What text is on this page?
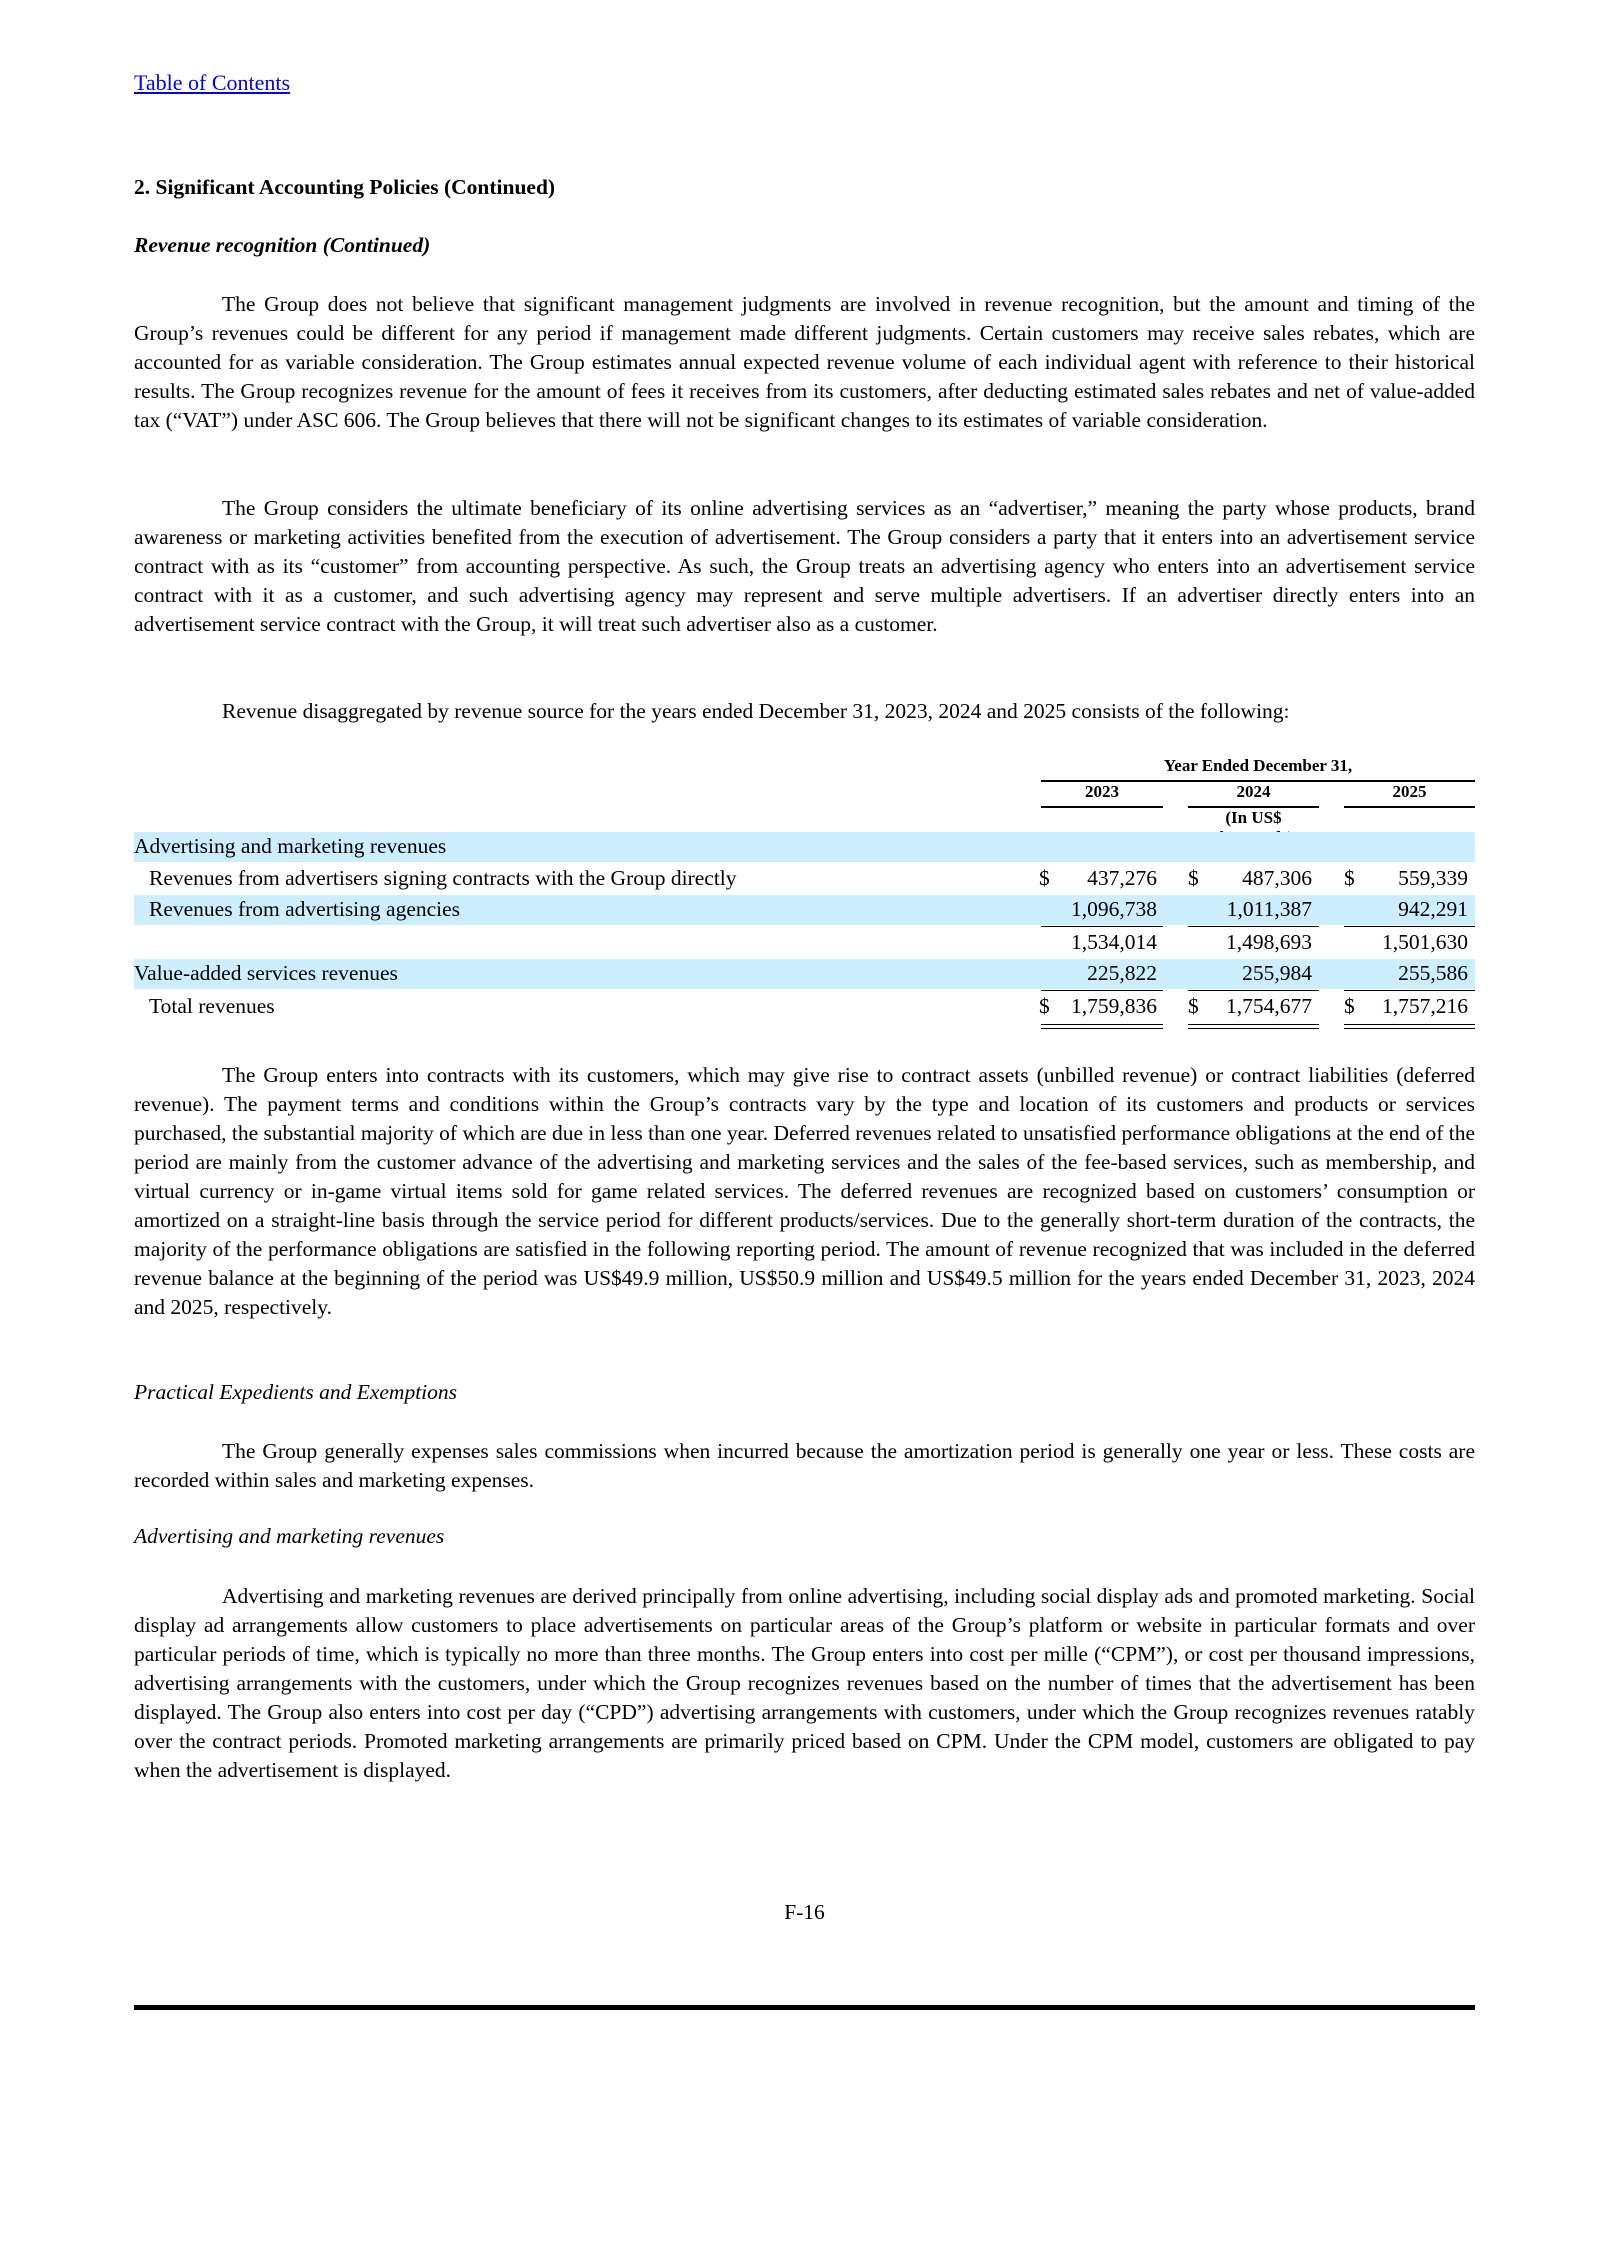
Table of Contents
2. Significant Accounting Policies (Continued)
Revenue recognition (Continued)

The Group does not believe that significant management judgments are involved in revenue recognition, but the amount and timing of the Group’s revenues could be different for any period if management made different judgments. Certain customers may receive sales rebates, which are accounted for as variable consideration. The Group estimates annual expected revenue volume of each individual agent with reference to their historical results. The Group recognizes revenue for the amount of fees it receives from its customers, after deducting estimated sales rebates and net of value-added tax (“VAT”) under ASC 606. The Group believes that there will not be significant changes to its estimates of variable consideration.

The Group considers the ultimate beneficiary of its online advertising services as an “advertiser,” meaning the party whose products, brand awareness or marketing activities benefited from the execution of advertisement. The Group considers a party that it enters into an advertisement service contract with as its “customer” from accounting perspective. As such, the Group treats an advertising agency who enters into an advertisement service contract with it as a customer, and such advertising agency may represent and serve multiple advertisers. If an advertiser directly enters into an advertisement service contract with the Group, it will treat such advertiser also as a customer.

Revenue disaggregated by revenue source for the years ended December 31, 2023, 2024 and 2025 consists of the following:

Year Ended December 31,
2023	2024	2025
(In US$
Advertising and marketing revenues
Revenues from advertisers signing contracts with the Group directly	$	437,276 $	487,306 $	559,339
Revenues from advertising agencies	1,096,738	1,011,387	942,291
1,534,014	1,498,693	1,501,630
Value-added services revenues	225,822	255,984	255,586
Total revenues	$ 1,759,836 $	1,754,677 $	1,757,216

The Group enters into contracts with its customers, which may give rise to contract assets (unbilled revenue) or contract liabilities (deferred revenue). The payment terms and conditions within the Group’s contracts vary by the type and location of its customers and products or services purchased, the substantial majority of which are due in less than one year. Deferred revenues related to unsatisfied performance obligations at the end of the period are mainly from the customer advance of the advertising and marketing services and the sales of the fee-based services, such as membership, and virtual currency or in-game virtual items sold for game related services. The deferred revenues are recognized based on customers’ consumption or amortized on a straight-line basis through the service period for different products/services. Due to the generally short-term duration of the contracts, the majority of the performance obligations are satisfied in the following reporting period. The amount of revenue recognized that was included in the deferred revenue balance at the beginning of the period was US$49.9 million, US$50.9 million and US$49.5 million for the years ended December 31, 2023, 2024 and 2025, respectively.

Practical Expedients and Exemptions

The Group generally expenses sales commissions when incurred because the amortization period is generally one year or less. These costs are recorded within sales and marketing expenses.

Advertising and marketing revenues

Advertising and marketing revenues are derived principally from online advertising, including social display ads and promoted marketing. Social display ad arrangements allow customers to place advertisements on particular areas of the Group’s platform or website in particular formats and over particular periods of time, which is typically no more than three months. The Group enters into cost per mille (“CPM”), or cost per thousand impressions, advertising arrangements with the customers, under which the Group recognizes revenues based on the number of times that the advertisement has been displayed. The Group also enters into cost per day (“CPD”) advertising arrangements with customers, under which the Group recognizes revenues ratably over the contract periods. Promoted marketing arrangements are primarily priced based on CPM. Under the CPM model, customers are obligated to pay when the advertisement is displayed.

F-16
